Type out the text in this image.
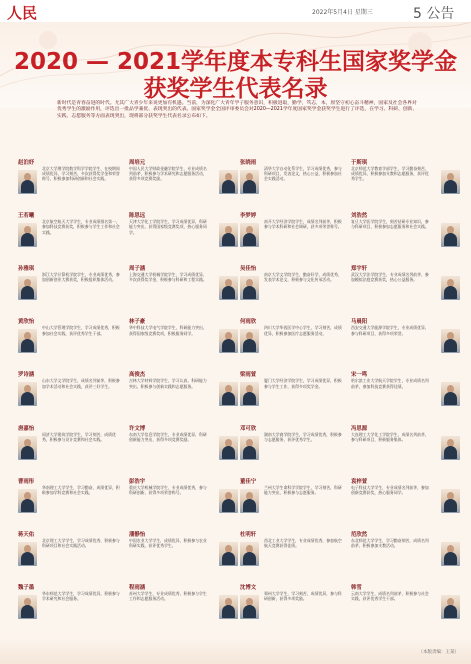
人民	2022年5月4日 星期三	5 公告
2020 — 2021学年度本专科生国家奖学金
获奖学生代表名录
新时代是青春奋进的时代。尤其广大青少年来说更加有机遇。当前，为深化广大青年学子服务意识，积极进取，勤学，笃志，本，原坚守初心奋斗精神，国家及社会各界对优秀学生的激励作用，评选出一批品学兼优、表现突出的代表。国家奖学金全国评审委员会对2020—2021学年度国家奖学金获奖学生进行了评选，在学习、科研、创新、实践、志愿服务等方面表现突出，现将部分获奖学生代表名录公布如下。
赵泊妤
北京大学理学院数学科学学院学生，在校期间成绩优异，学习刻苦，多次获得奖学金和荣誉称号，积极参加科研创新和社会实践。
周培元
中国人民大学财政金融学院学生，专业成绩名列前茅，积极参与学术研究和志愿服务活动，获得多项竞赛奖励。
张晓雨
清华大学自动化系学生，学习成绩优秀，参与科研项目，发表论文，热心公益，积极参加社会实践活动。
于斯琪
北京师范大学教育学部学生，学习勤奋刻苦，成绩优异，积极参加支教和志愿服务，获评优秀学生。
王若曦
北京航空航天大学学生，专业成绩排名第一，参加科技竞赛获奖，积极参与学生工作和社会实践。
陈思远
天津大学化工学院学生，学习成绩优异，科研能力突出，获得国家级竞赛奖项，热心服务同学。
李梦婷
南开大学经济学院学生，成绩名列前茅，积极参与学术科研和社会调研，获多项荣誉称号。
刘浩然
复旦大学医学院学生，刻苦钻研专业知识，参与科研项目，积极参加志愿服务和社会实践。
孙雅琪
浙江大学计算机学院学生，专业成绩优秀，参加创新创业大赛获奖，积极组织集体活动。
周子涵
上海交通大学机械学院学生，学习成绩优异，多次获得奖学金，积极参与科研和工程实践。
吴佳怡
南京大学文学院学生，勤奋好学，成绩优秀，发表学术论文，积极参与文化传承活动。
郑宇轩
武汉大学法学院学生，专业成绩名列前茅，参加模拟法庭竞赛获奖，热心公益服务。
黄欣怡
中山大学管理学院学生，学习成绩优秀，积极参加社会实践，获评优秀学生干部。
林子豪
华中科技大学电气学院学生，科研能力突出，获得国家级竞赛奖项，积极服务同学。
何雨欣
四川大学华西医学中心学生，学习刻苦，成绩优异，积极参加医疗志愿服务活动。
马晨阳
西安交通大学能源学院学生，专业成绩优异，参与科研项目，获得多项荣誉。
罗诗涵
山东大学文学院学生，成绩名列前茅，积极参加学术活动和社会实践，获评三好学生。
高俊杰
吉林大学材料学院学生，学习认真，科研能力突出，积极参与创新实践和志愿服务。
梁雨萱
厦门大学经济学院学生，学习成绩优异，积极参与学生工作，获得多项奖学金。
宋一鸣
哈尔滨工业大学航天学院学生，专业成绩名列前茅，参加科技竞赛获得佳绩。
唐嘉怡
同济大学建筑学院学生，学习刻苦，成绩优秀，积极参与设计竞赛和社会实践。
许文博
东南大学信息学院学生，专业成绩优异，科研创新能力突出，获得多项竞赛奖励。
邓可欣
湖南大学商学院学生，学习成绩优秀，积极参与志愿服务，获评优秀学生。
冯思源
大连理工大学化工学院学生，成绩名列前茅，参与科研项目，积极服务集体。
曹雨彤
华南理工大学学生，学习勤奋，成绩优异，积极参加学科竞赛和社会实践。
彭浩宇
重庆大学机械学院学生，专业成绩优秀，参与科研创新，获得多项荣誉称号。
董佳宁
兰州大学生命科学学院学生，学习刻苦，科研能力突出，积极参与志愿服务。
袁梓萱
电子科技大学学生，专业成绩名列前茅，参加创新竞赛获奖，热心服务同学。
蒋天佑
北京理工大学学生，学习成绩优秀，积极参与科研项目和社会实践活动。
潘静怡
中国农业大学学生，成绩优异，积极参与农业科研实践，获评优秀学生。
杜明轩
西北工业大学学生，专业成绩优秀，参加航空航天竞赛获得佳绩。
范欣然
东北师范大学学生，学习勤奋刻苦，成绩名列前茅，积极参加支教活动。
魏子墨
华东师范大学学生，学习成绩优异，积极参与学术研究和社会服务。
程雨涵
苏州大学学生，专业成绩优秀，积极参与学生工作和志愿服务活动。
沈博文
郑州大学学生，学习刻苦，成绩优异，参与科研创新，获得多项奖励。
韩雪
云南大学学生，成绩名列前茅，积极参与社会实践，获评优秀学生干部。
（本版责编：王某）
